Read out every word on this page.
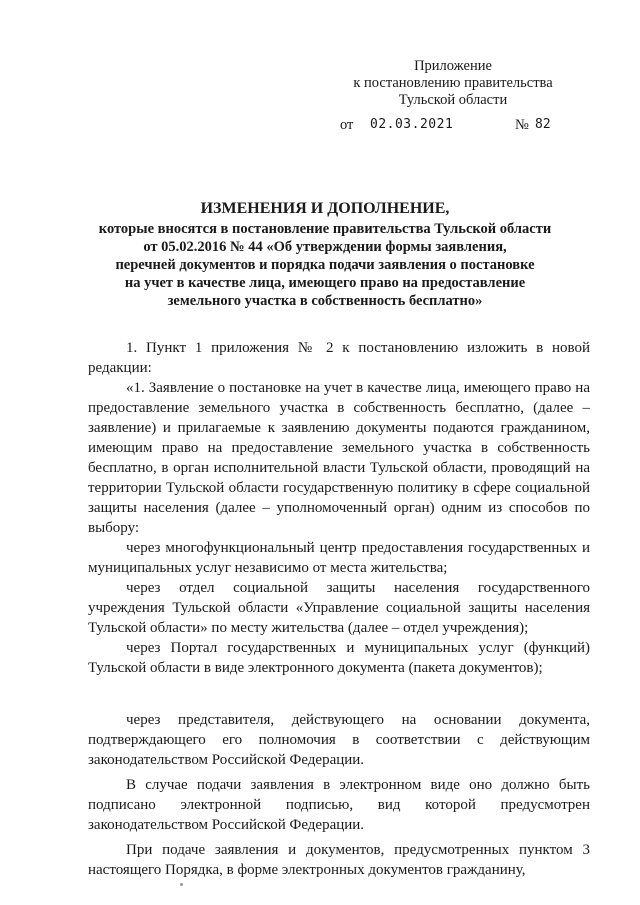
Приложение
к постановлению правительства
Тульской области
от 02.03.2021	№ 82
ИЗМЕНЕНИЯ И ДОПОЛНЕНИЕ,
которые вносятся в постановление правительства Тульской области
от 05.02.2016 № 44 «Об утверждении формы заявления,
перечней документов и порядка подачи заявления о постановке
на учет в качестве лица, имеющего право на предоставление
земельного участка в собственность бесплатно»

1. Пункт 1 приложения № 2 к постановлению изложить в новой редакции:

«1. Заявление о постановке на учет в качестве лица, имеющего право на предоставление земельного участка в собственность бесплатно, (далее – заявление) и прилагаемые к заявлению документы подаются гражданином, имеющим право на предоставление земельного участка в собственность бесплатно, в орган исполнительной власти Тульской области, проводящий на территории Тульской области государственную политику в сфере социальной защиты населения (далее – уполномоченный орган) одним из способов по выбору:

через многофункциональный центр предоставления государственных и муниципальных услуг независимо от места жительства;

через отдел социальной защиты населения государственного учреждения Тульской области «Управление социальной защиты населения Тульской области» по месту жительства (далее – отдел учреждения);

через Портал государственных и муниципальных услуг (функций) Тульской области в виде электронного документа (пакета документов);

через представителя, действующего на основании документа, подтверждающего его полномочия в соответствии с действующим законодательством Российской Федерации.

В случае подачи заявления в электронном виде оно должно быть подписано электронной подписью, вид которой предусмотрен законодательством Российской Федерации.

При подаче заявления и документов, предусмотренных пунктом 3 настоящего Порядка, в форме электронных документов гражданину,
